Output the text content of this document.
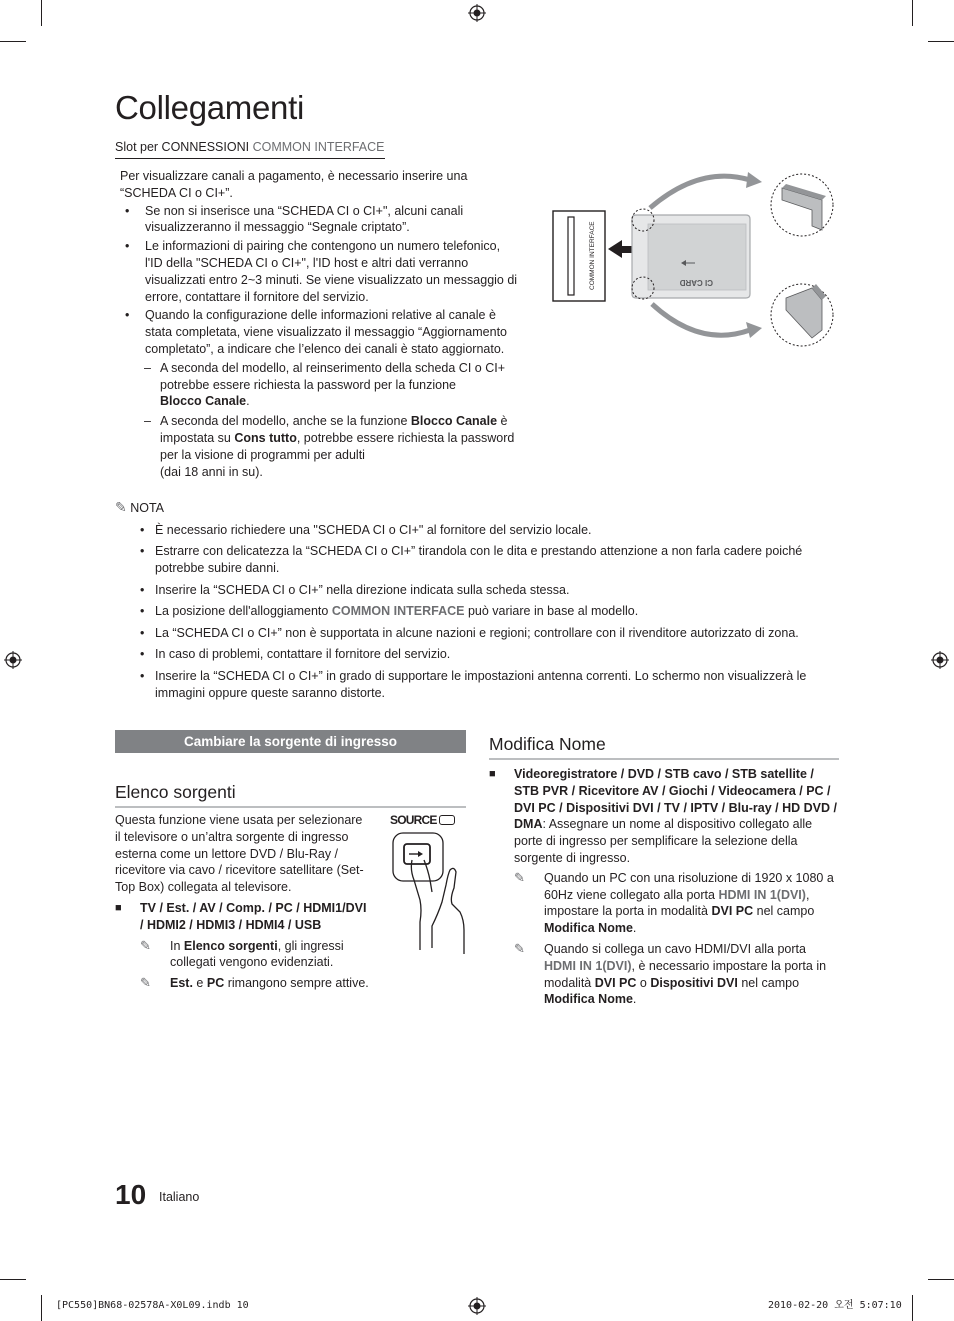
Collegamenti
Slot per CONNESSIONI COMMON INTERFACE

Per visualizzare canali a pagamento, è necessario inserire una “SCHEDA CI o CI+”.

• Se non si inserisce una “SCHEDA CI o CI+", alcuni canali visualizzeranno il messaggio “Segnale criptato”.
• Le informazioni di pairing che contengono un numero telefonico, l'ID della "SCHEDA CI o CI+", l'ID host e altri dati verranno visualizzati entro 2~3 minuti. Se viene visualizzato un messaggio di errore, contattare il fornitore del servizio.
• Quando la configurazione delle informazioni relative al canale è stata completata, viene visualizzato il messaggio “Aggiornamento completato”, a indicare che l’elenco dei canali è stato aggiornato.
– A seconda del modello, al reinserimento della scheda CI o CI+ potrebbe essere richiesta la password per la funzione
Blocco Canale.
– A seconda del modello, anche se la funzione Blocco Canale è impostata su Cons tutto, potrebbe essere richiesta la password per la visione di programmi per adulti
(dai 18 anni in su).
COMMON INTERFACE	CI CARD
✎ NOTA
• È necessario richiedere una "SCHEDA CI o CI+" al fornitore del servizio locale.
• Estrarre con delicatezza la “SCHEDA CI o CI+” tirandola con le dita e prestando attenzione a non farla cadere poiché potrebbe subire danni.
• Inserire la “SCHEDA CI o CI+” nella direzione indicata sulla scheda stessa.
• La posizione dell'alloggiamento COMMON INTERFACE può variare in base al modello.
• La “SCHEDA CI o CI+” non è supportata in alcune nazioni e regioni; controllare con il rivenditore autorizzato di zona.
• In caso di problemi, contattare il fornitore del servizio.
• Inserire la “SCHEDA CI o CI+” in grado di supportare le impostazioni antenna correnti. Lo schermo non visualizzerà le immagini oppure queste saranno distorte.
Cambiare la sorgente di ingresso
Elenco sorgenti

Questa funzione viene usata per selezionare il televisore o un’altra sorgente di ingresso esterna come un lettore DVD / Blu-Ray / ricevitore via cavo / ricevitore satellitare (Set-Top Box) collegata al televisore.

■ TV / Est. / AV / Comp. / PC / HDMI1/DVI / HDMI2 / HDMI3 / HDMI4 / USB
✎ In Elenco sorgenti, gli ingressi collegati vengono evidenziati.
✎ Est. e PC rimangono sempre attive.
SOURCE
Modifica Nome
■ Videoregistratore / DVD / STB cavo / STB satellite / STB PVR / Ricevitore AV / Giochi / Videocamera / PC / DVI PC / Dispositivi DVI / TV / IPTV / Blu-ray / HD DVD / DMA: Assegnare un nome al dispositivo collegato alle porte di ingresso per semplificare la selezione della sorgente di ingresso.
✎ Quando un PC con una risoluzione di 1920 x 1080 a 60Hz viene collegato alla porta HDMI IN 1(DVI), impostare la porta in modalità DVI PC nel campo Modifica Nome.
✎ Quando si collega un cavo HDMI/DVI alla porta HDMI IN 1(DVI), è necessario impostare la porta in modalità DVI PC o Dispositivi DVI nel campo Modifica Nome.
10 Italiano
[PC550]BN68-02578A-X0L09.indb 10	2010-02-20 오전 5:07:10
